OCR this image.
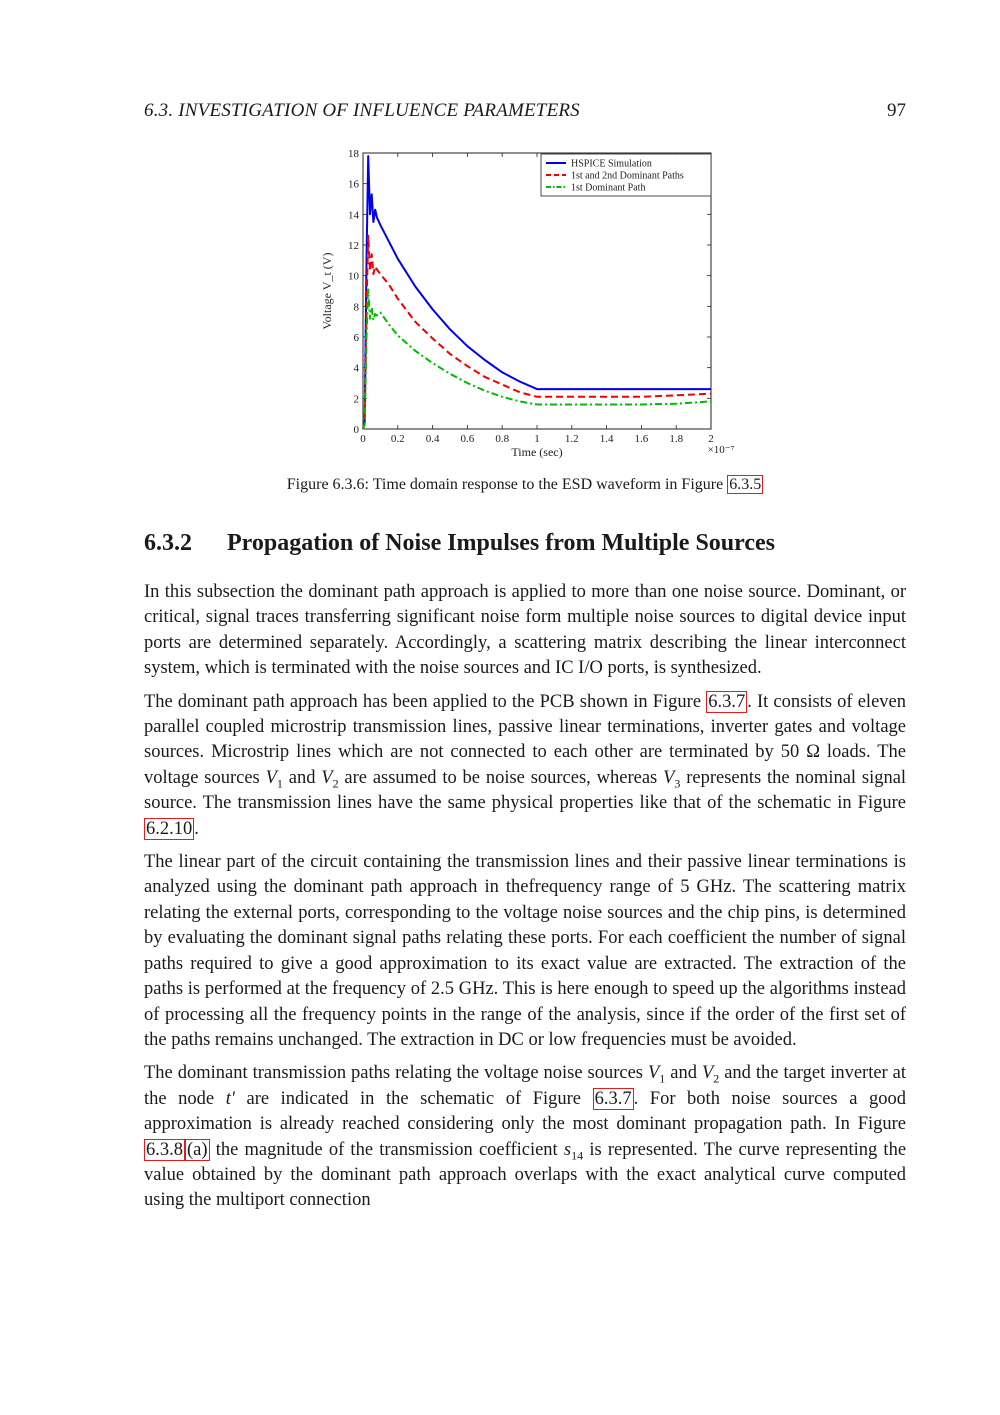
6.3. INVESTIGATION OF INFLUENCE PARAMETERS	97
0 0.2 0.4 0.6 0.8 1 1.2 1.4 1.6 1.8 2
0
2
4
6
8
10
12
14
16
18
Time (sec)	×10⁻⁷
Voltage V_t (V)
HSPICE Simulation
1st and 2nd Dominant Paths
1st Dominant Path
Figure 6.3.6: Time domain response to the ESD waveform in Figure 6.3.5
6.3.2 Propagation of Noise Impulses from Multiple Sources

In this subsection the dominant path approach is applied to more than one noise source. Dominant, or critical, signal traces transferring significant noise form multiple noise sources to digital device input ports are determined separately. Accordingly, a scattering matrix describing the linear interconnect system, which is terminated with the noise sources and IC I/O ports, is synthesized.

The dominant path approach has been applied to the PCB shown in Figure 6.3.7 . It consists of eleven parallel coupled microstrip transmission lines, passive linear terminations, inverter gates and voltage sources. Microstrip lines which are not connected to each other are terminated by 50 Ω loads. The voltage sources $V_1$ and $V_2$ are assumed to be noise sources, whereas $V_3$ represents the nominal signal source. The transmission lines have the same physical properties like that of the schematic in Figure 6.2.10 .

The linear part of the circuit containing the transmission lines and their passive linear terminations is analyzed using the dominant path approach in thefrequency range of 5 GHz. The scattering matrix relating the external ports, corresponding to the voltage noise sources and the chip pins, is determined by evaluating the dominant signal paths relating these ports. For each coefficient the number of signal paths required to give a good approximation to its exact value are extracted. The extraction of the paths is performed at the frequency of 2.5 GHz. This is here enough to speed up the algorithms instead of processing all the frequency points in the range of the analysis, since if the order of the first set of the paths remains unchanged. The extraction in DC or low frequencies must be avoided.

The dominant transmission paths relating the voltage noise sources $V_1$ and $V_2$ and the target inverter at the node t′ are indicated in the schematic of Figure 6.3.7 . For both noise sources a good approximation is already reached considering only the most dominant propagation path. In Figure 6.3.8 (a) the magnitude of the transmission coefficient $s_{14}$ is represented. The curve representing the value obtained by the dominant path approach overlaps with the exact analytical curve computed using the multiport connection
